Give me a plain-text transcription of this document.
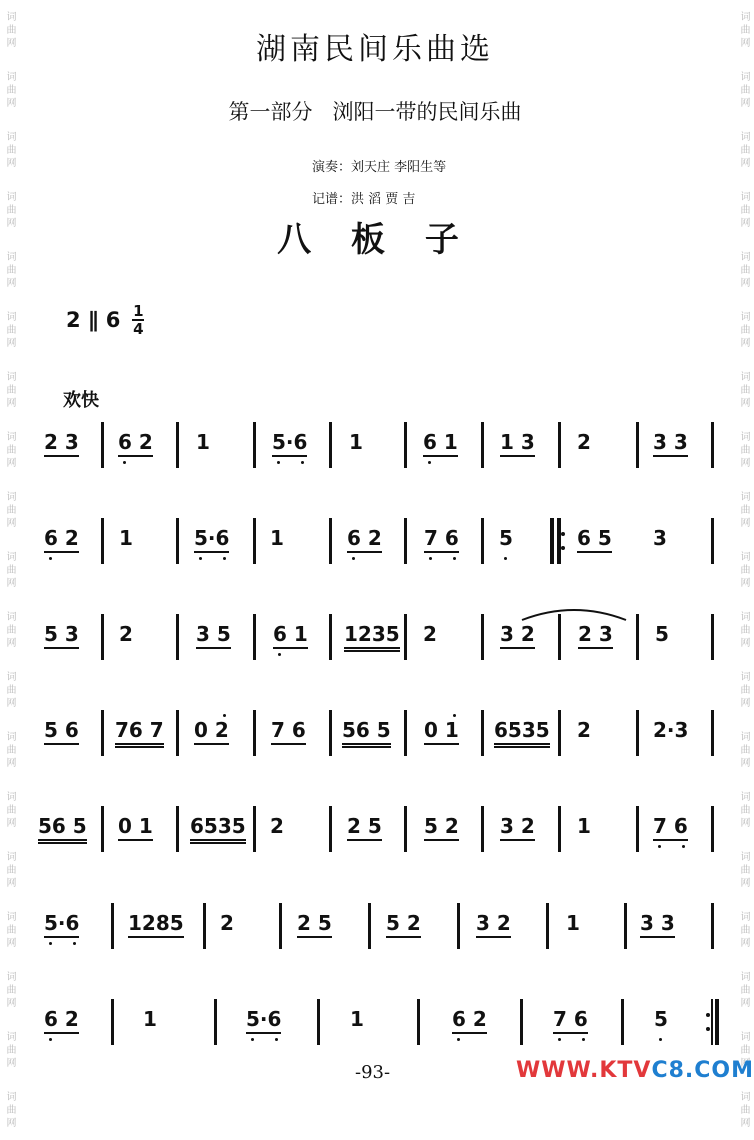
词曲网
词曲网
词曲网
词曲网
词曲网
词曲网
词曲网
词曲网
词曲网
词曲网
词曲网
词曲网
词曲网
词曲网
词曲网
词曲网
词曲网
词曲网
词曲网
词曲网
词曲网
词曲网
词曲网
词曲网
词曲网
词曲网
词曲网
词曲网
词曲网
词曲网
词曲网
词曲网
词曲网
词曲网
词曲网
词曲网
词曲网
词曲网
湖南民间乐曲选
第一部分   浏阳一带的民间乐曲
演奏：刘天庄 李阳生等
记谱：洪 滔 贾 吉
八 板 子
2 ∥ $6 \frac{1}{4}$
欢快
2 3 6 2 1	5·6 1	6 1 1 3 2	3 3
6 2 1	5·6 1	6 2 7 6 5	6 5 3
5 3 2	3 5 6 1 1235 2	3 2 2 3 5
5 6 76 7 0 2 7 6 56 5 0 1 6535 2	2·3
56 5 0 1 6535 2	2 5 5 2 3 2 1	7 6
5·6 1285 2	2 5	5 2	3 2	1	3 3
6 2	1	5·6	1	6 2	7 6	5
-93-	WWW.KTVC8.COM
